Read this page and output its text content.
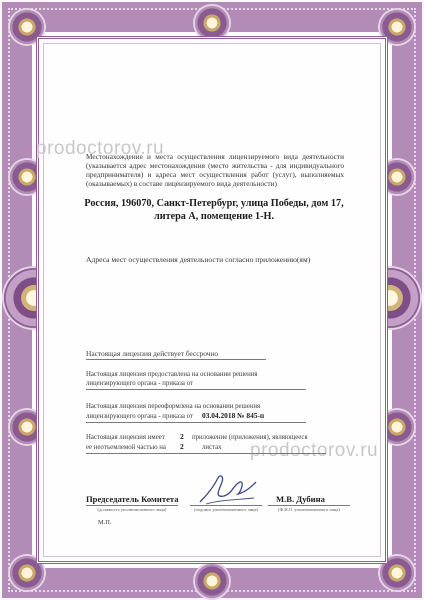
prodoctorov.ru
prodoctorov.ru
Местонахождение и места осуществления лицензируемого вида деятельности (указывается адрес местонахождения (место жительства - для индивидуального предпринимателя) и адреса мест осуществления работ (услуг), выполняемых (оказываемых) в составе лицензируемого вида деятельности)
Россия, 196070, Санкт-Петербург, улица Победы, дом 17,
литера А, помещение 1-Н.
Адреса мест осуществления деятельности согласно приложению(ям)
Настоящая лицензия действует бессрочно
Настоящая лицензия предоставлена на основании решения
лицензирующего органа - приказа от
Настоящая лицензия переоформлена на основании решения
лицензирующего органа - приказа от 03.04.2018 № 845-п
Настоящая лицензия имеет 2 приложение (приложения), являющееся
ее неотъемлемой частью на 2	листах
Председатель Комитета
(должность уполномоченного лица)	(подпись уполномоченного лица)
М.В. Дубина
(Ф.И.О. уполномоченного лица)
М.П.
